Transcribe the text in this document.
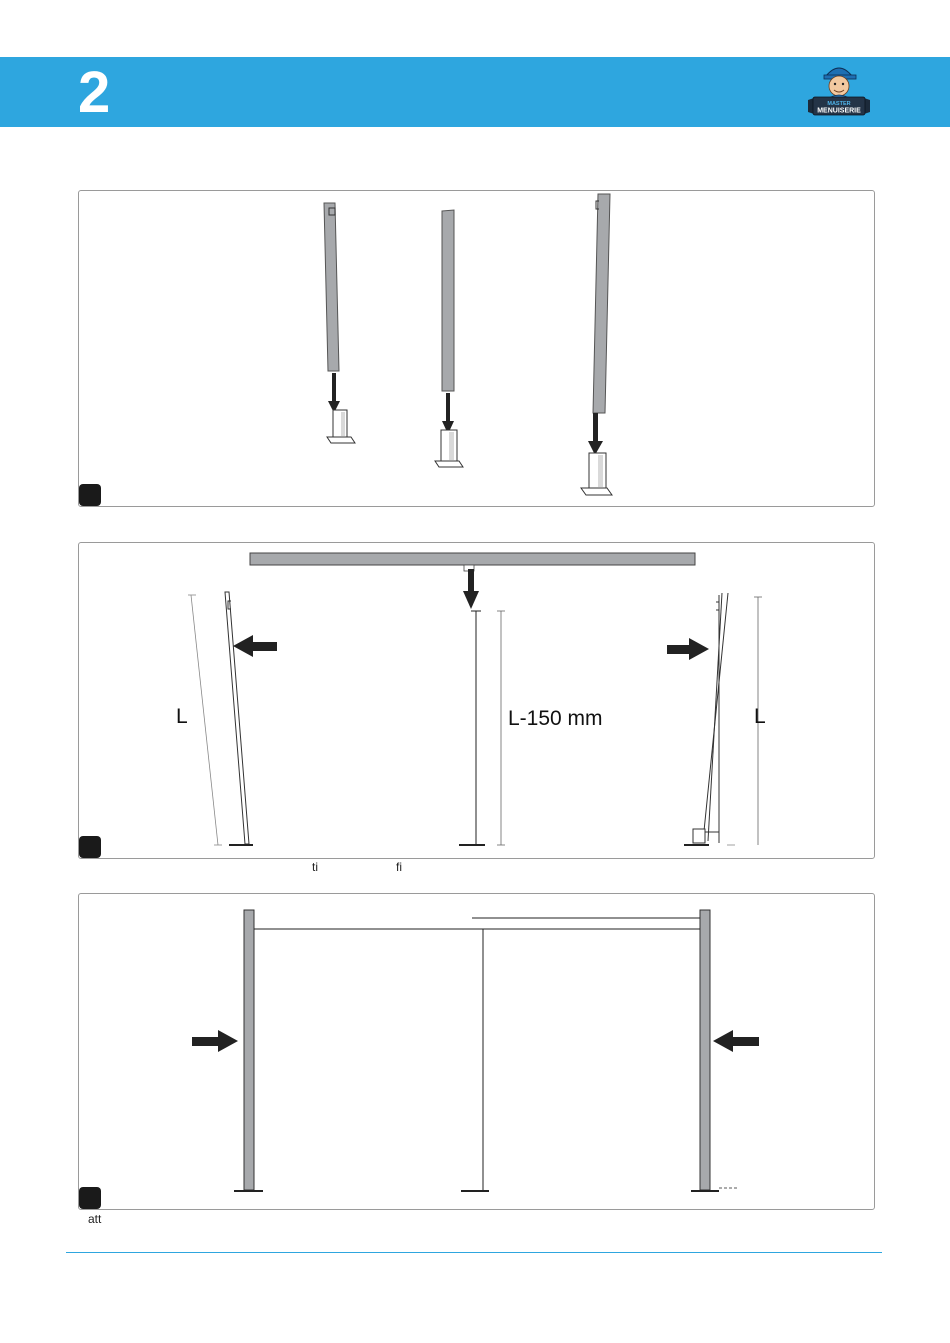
2	MASTER
MENUISERIE
L	L-150 mm	L
ti	fi
att
